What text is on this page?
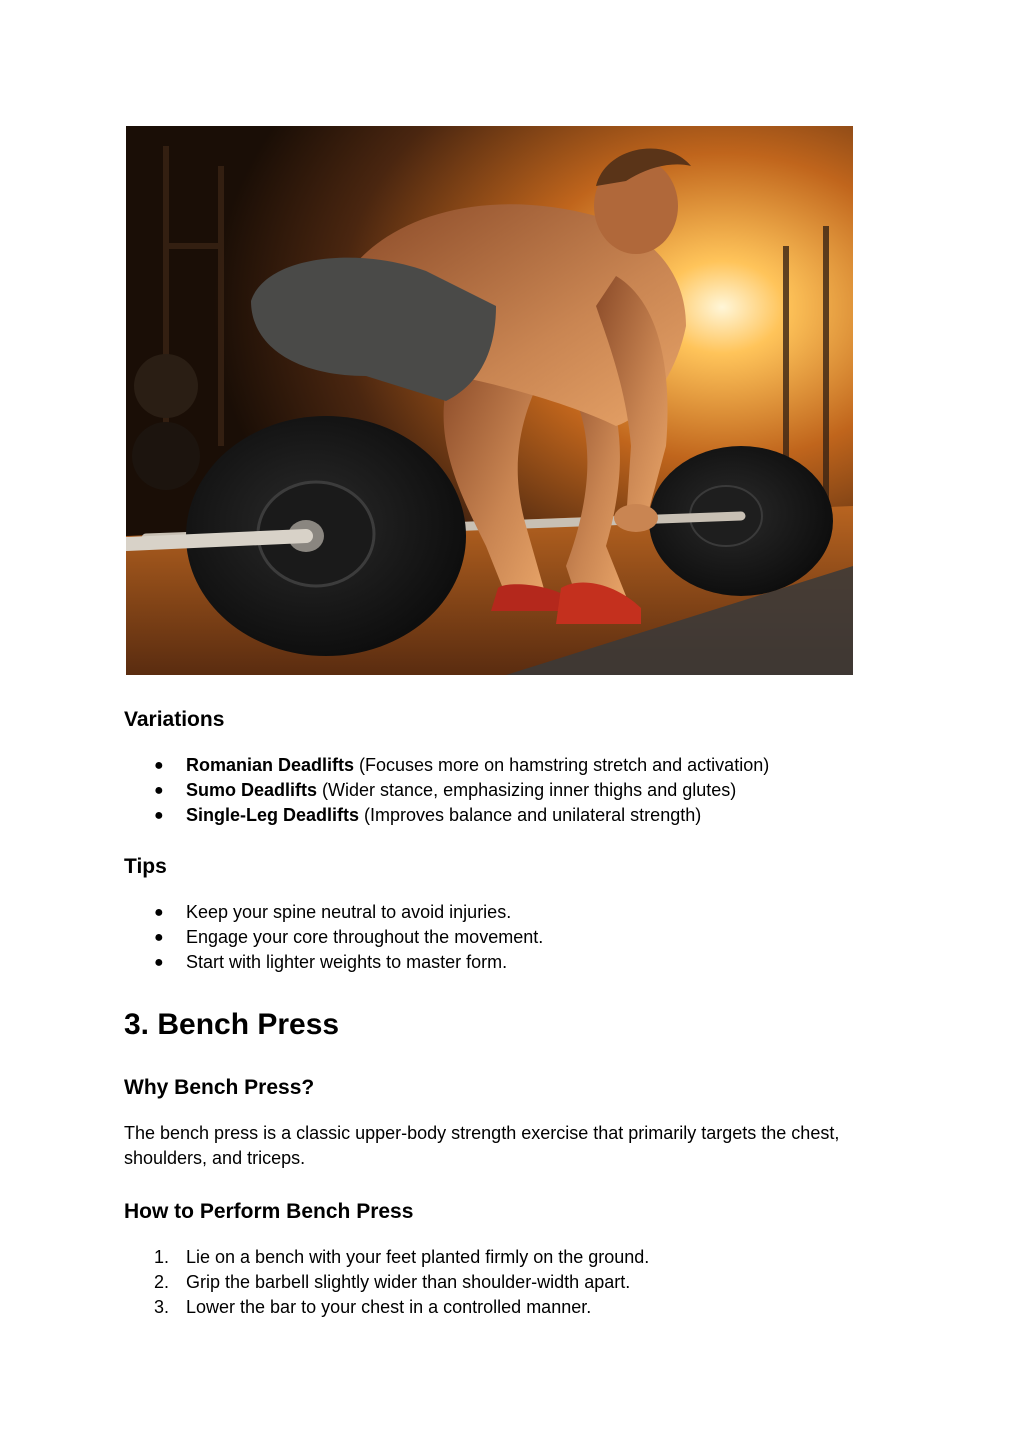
Variations
● Romanian Deadlifts (Focuses more on hamstring stretch and activation)
● Sumo Deadlifts (Wider stance, emphasizing inner thighs and glutes)
● Single-Leg Deadlifts (Improves balance and unilateral strength)
Tips
● Keep your spine neutral to avoid injuries.
● Engage your core throughout the movement.
● Start with lighter weights to master form.
3. Bench Press
Why Bench Press?

The bench press is a classic upper-body strength exercise that primarily targets the chest, shoulders, and triceps.

How to Perform Bench Press
1. Lie on a bench with your feet planted firmly on the ground.
2. Grip the barbell slightly wider than shoulder-width apart.
3. Lower the bar to your chest in a controlled manner.
